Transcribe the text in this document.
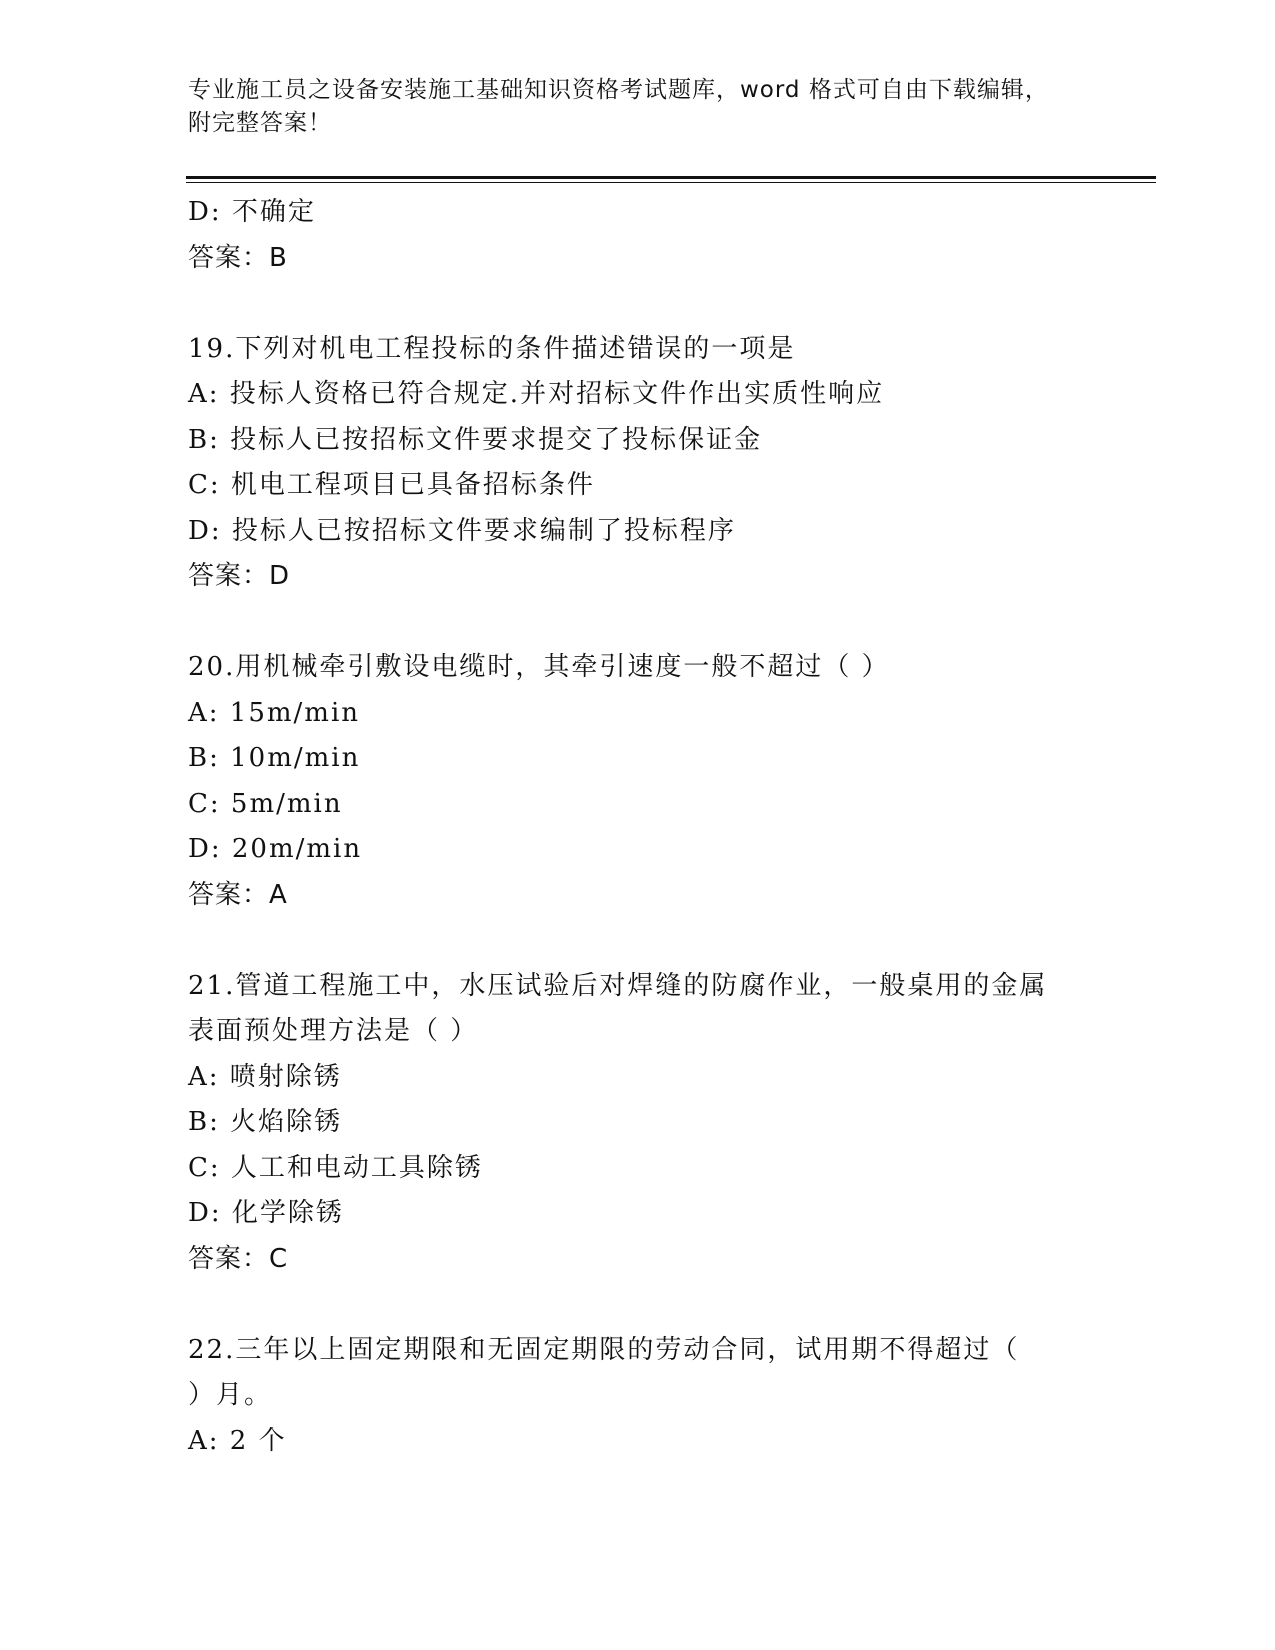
专业施工员之设备安装施工基础知识资格考试题库，word 格式可自由下载编辑，
附完整答案！
D: 不确定
答案：B
19.下列对机电工程投标的条件描述错误的一项是
A: 投标人资格已符合规定.并对招标文件作出实质性响应
B: 投标人已按招标文件要求提交了投标保证金
C: 机电工程项目已具备招标条件
D: 投标人已按招标文件要求编制了投标程序
答案：D
20.用机械牵引敷设电缆时，其牵引速度一般不超过（ ）
A: 15m/min
B: 10m/min
C: 5m/min
D: 20m/min
答案：A
21.管道工程施工中，水压试验后对焊缝的防腐作业，一般桌用的金属
表面预处理方法是（ ）
A: 喷射除锈
B: 火焰除锈
C: 人工和电动工具除锈
D: 化学除锈
答案：C
22.三年以上固定期限和无固定期限的劳动合同，试用期不得超过（
）月。
A: 2 个
